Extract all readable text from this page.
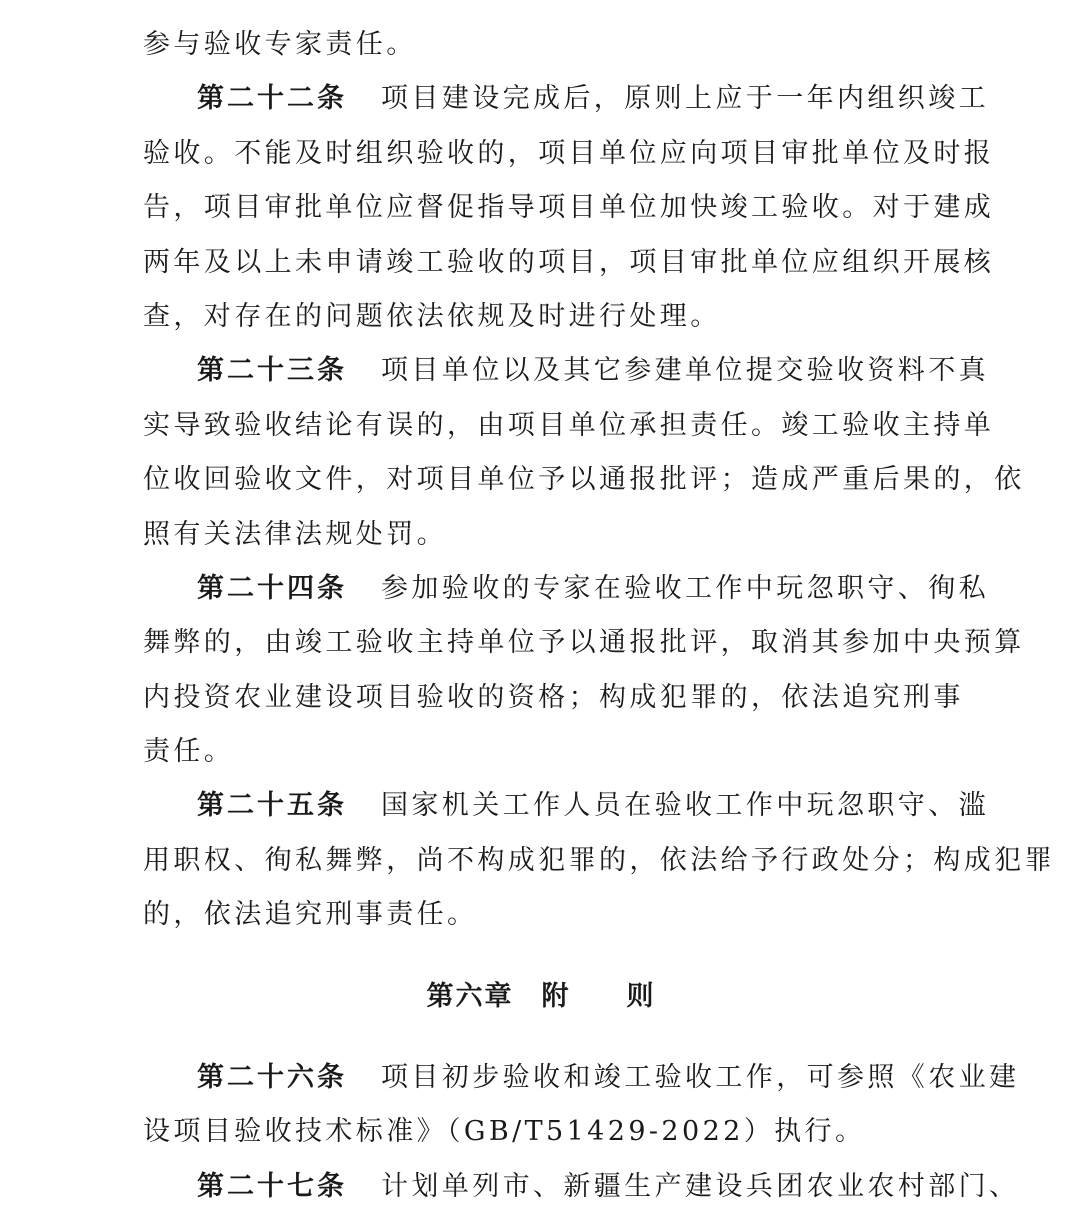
参与验收专家责任。
第二十二条 项目建设完成后，原则上应于一年内组织竣工
验收。不能及时组织验收的，项目单位应向项目审批单位及时报
告，项目审批单位应督促指导项目单位加快竣工验收。对于建成
两年及以上未申请竣工验收的项目，项目审批单位应组织开展核
查，对存在的问题依法依规及时进行处理。
第二十三条 项目单位以及其它参建单位提交验收资料不真
实导致验收结论有误的，由项目单位承担责任。竣工验收主持单
位收回验收文件，对项目单位予以通报批评；造成严重后果的，依
照有关法律法规处罚。
第二十四条 参加验收的专家在验收工作中玩忽职守、徇私
舞弊的，由竣工验收主持单位予以通报批评，取消其参加中央预算
内投资农业建设项目验收的资格；构成犯罪的，依法追究刑事
责任。
第二十五条 国家机关工作人员在验收工作中玩忽职守、滥
用职权、徇私舞弊，尚不构成犯罪的，依法给予行政处分；构成犯罪
的，依法追究刑事责任。
第六章 附 则
第二十六条 项目初步验收和竣工验收工作，可参照《农业建
设项目验收技术标准》（GB/T51429-2022）执行。
第二十七条 计划单列市、新疆生产建设兵团农业农村部门、
